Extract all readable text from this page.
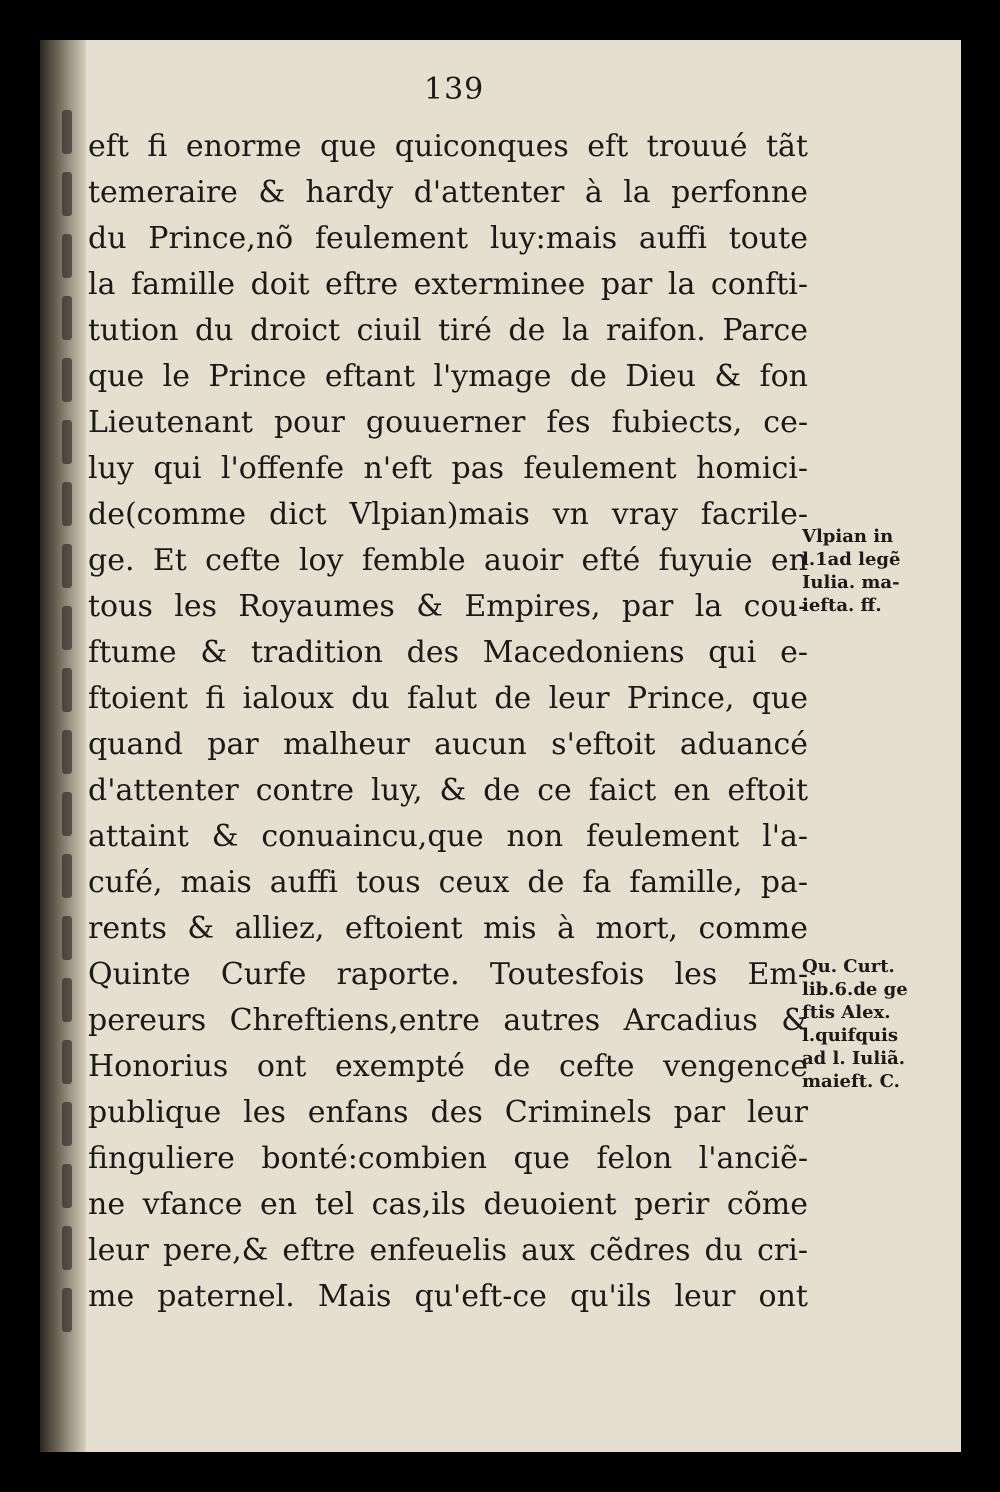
139

eft fi enorme que quiconques eft trouué tãt
temeraire & hardy d'attenter à la perfonne
du Prince,nõ feulement luy:mais auffi toute
la famille doit eftre exterminee par la confti-
tution du droict ciuil tiré de la raifon. Parce
que le Prince eftant l'ymage de Dieu & fon
Lieutenant pour gouuerner fes fubiects, ce-
luy qui l'offenfe n'eft pas feulement homici-
de(comme dict Vlpian)mais vn vray facrile-
ge. Et cefte loy femble auoir efté fuyuie en
tous les Royaumes & Empires, par la cou-
ftume & tradition des Macedoniens qui e-
ftoient fi ialoux du falut de leur Prince, que
quand par malheur aucun s'eftoit aduancé
d'attenter contre luy, & de ce faict en eftoit
attaint & conuaincu,que non feulement l'a-
cufé, mais auffi tous ceux de fa famille, pa-
rents & alliez, eftoient mis à mort, comme
Quinte Curfe raporte. Toutesfois les Em-
pereurs Chreftiens,entre autres Arcadius &
Honorius ont exempté de cefte vengence
publique les enfans des Criminels par leur
finguliere bonté:combien que felon l'anciẽ-
ne vfance en tel cas,ils deuoient perir cõme
leur pere,& eftre enfeuelis aux cẽdres du cri-
me paternel. Mais qu'eft-ce qu'ils leur ont
Vlpian in
l.1ad legẽ
Iulia. ma-
iefta. ff.
Qu. Curt.
lib.6.de ge
ftis Alex.
l.quifquis
ad l. Iuliã.
maieft. C.
